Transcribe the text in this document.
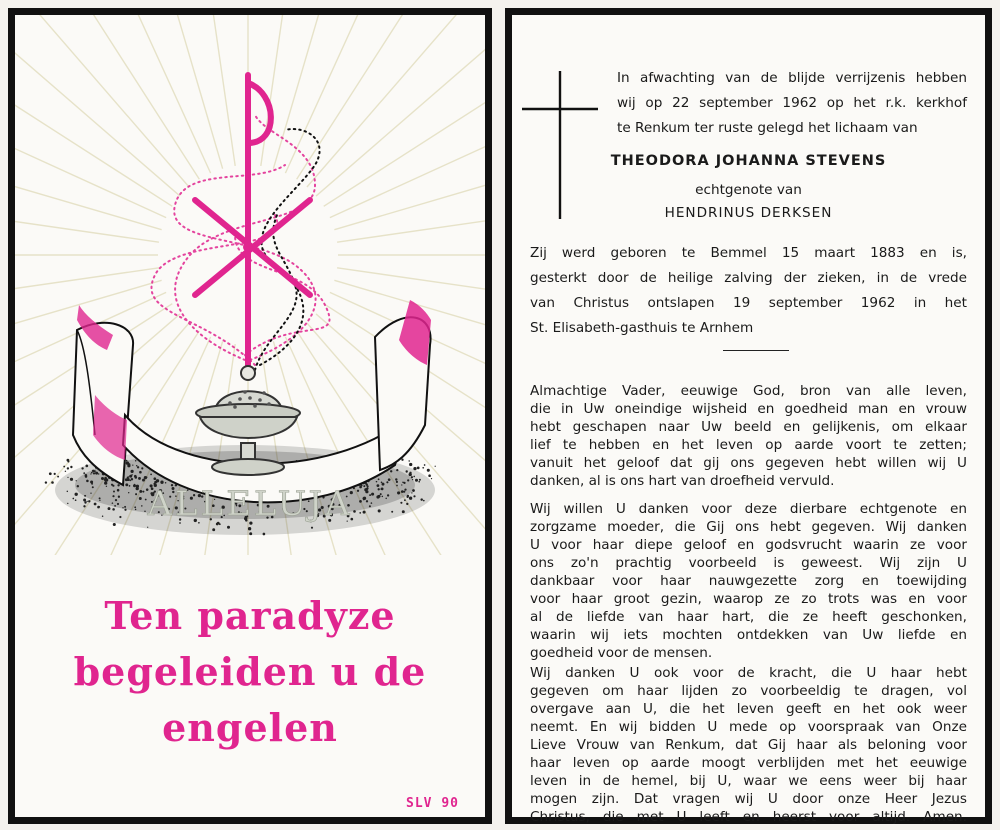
ALLELUJA
Ten paradyze
begeleiden u de
engelen
SLV 90
In afwachting van de blijde verrijzenis hebben
wij op 22 september 1962 op het r.k. kerkhof
te Renkum ter ruste gelegd het lichaam van
THEODORA JOHANNA STEVENS
echtgenote van
HENDRINUS DERKSEN
Zij werd geboren te Bemmel 15 maart 1883 en is,
gesterkt door de heilige zalving der zieken, in de vrede
van Christus ontslapen 19 september 1962 in het
St. Elisabeth-gasthuis te Arnhem
Almachtige Vader, eeuwige God, bron van alle leven,
die in Uw oneindige wijsheid en goedheid man en vrouw
hebt geschapen naar Uw beeld en gelijkenis, om elkaar
lief te hebben en het leven op aarde voort te zetten;
vanuit het geloof dat gij ons gegeven hebt willen wij U
danken, al is ons hart van droefheid vervuld.
Wij willen U danken voor deze dierbare echtgenote en
zorgzame moeder, die Gij ons hebt gegeven. Wij danken
U voor haar diepe geloof en godsvrucht waarin ze voor
ons zo'n prachtig voorbeeld is geweest. Wij zijn U
dankbaar voor haar nauwgezette zorg en toewijding
voor haar groot gezin, waarop ze zo trots was en voor
al de liefde van haar hart, die ze heeft geschonken,
waarin wij iets mochten ontdekken van Uw liefde en
goedheid voor de mensen.
Wij danken U ook voor de kracht, die U haar hebt
gegeven om haar lijden zo voorbeeldig te dragen, vol
overgave aan U, die het leven geeft en het ook weer
neemt. En wij bidden U mede op voorspraak van Onze
Lieve Vrouw van Renkum, dat Gij haar als beloning voor
haar leven op aarde moogt verblijden met het eeuwige
leven in de hemel, bij U, waar we eens weer bij haar
mogen zijn. Dat vragen wij U door onze Heer Jezus
Christus, die met U leeft en heerst voor altijd. Amen.
